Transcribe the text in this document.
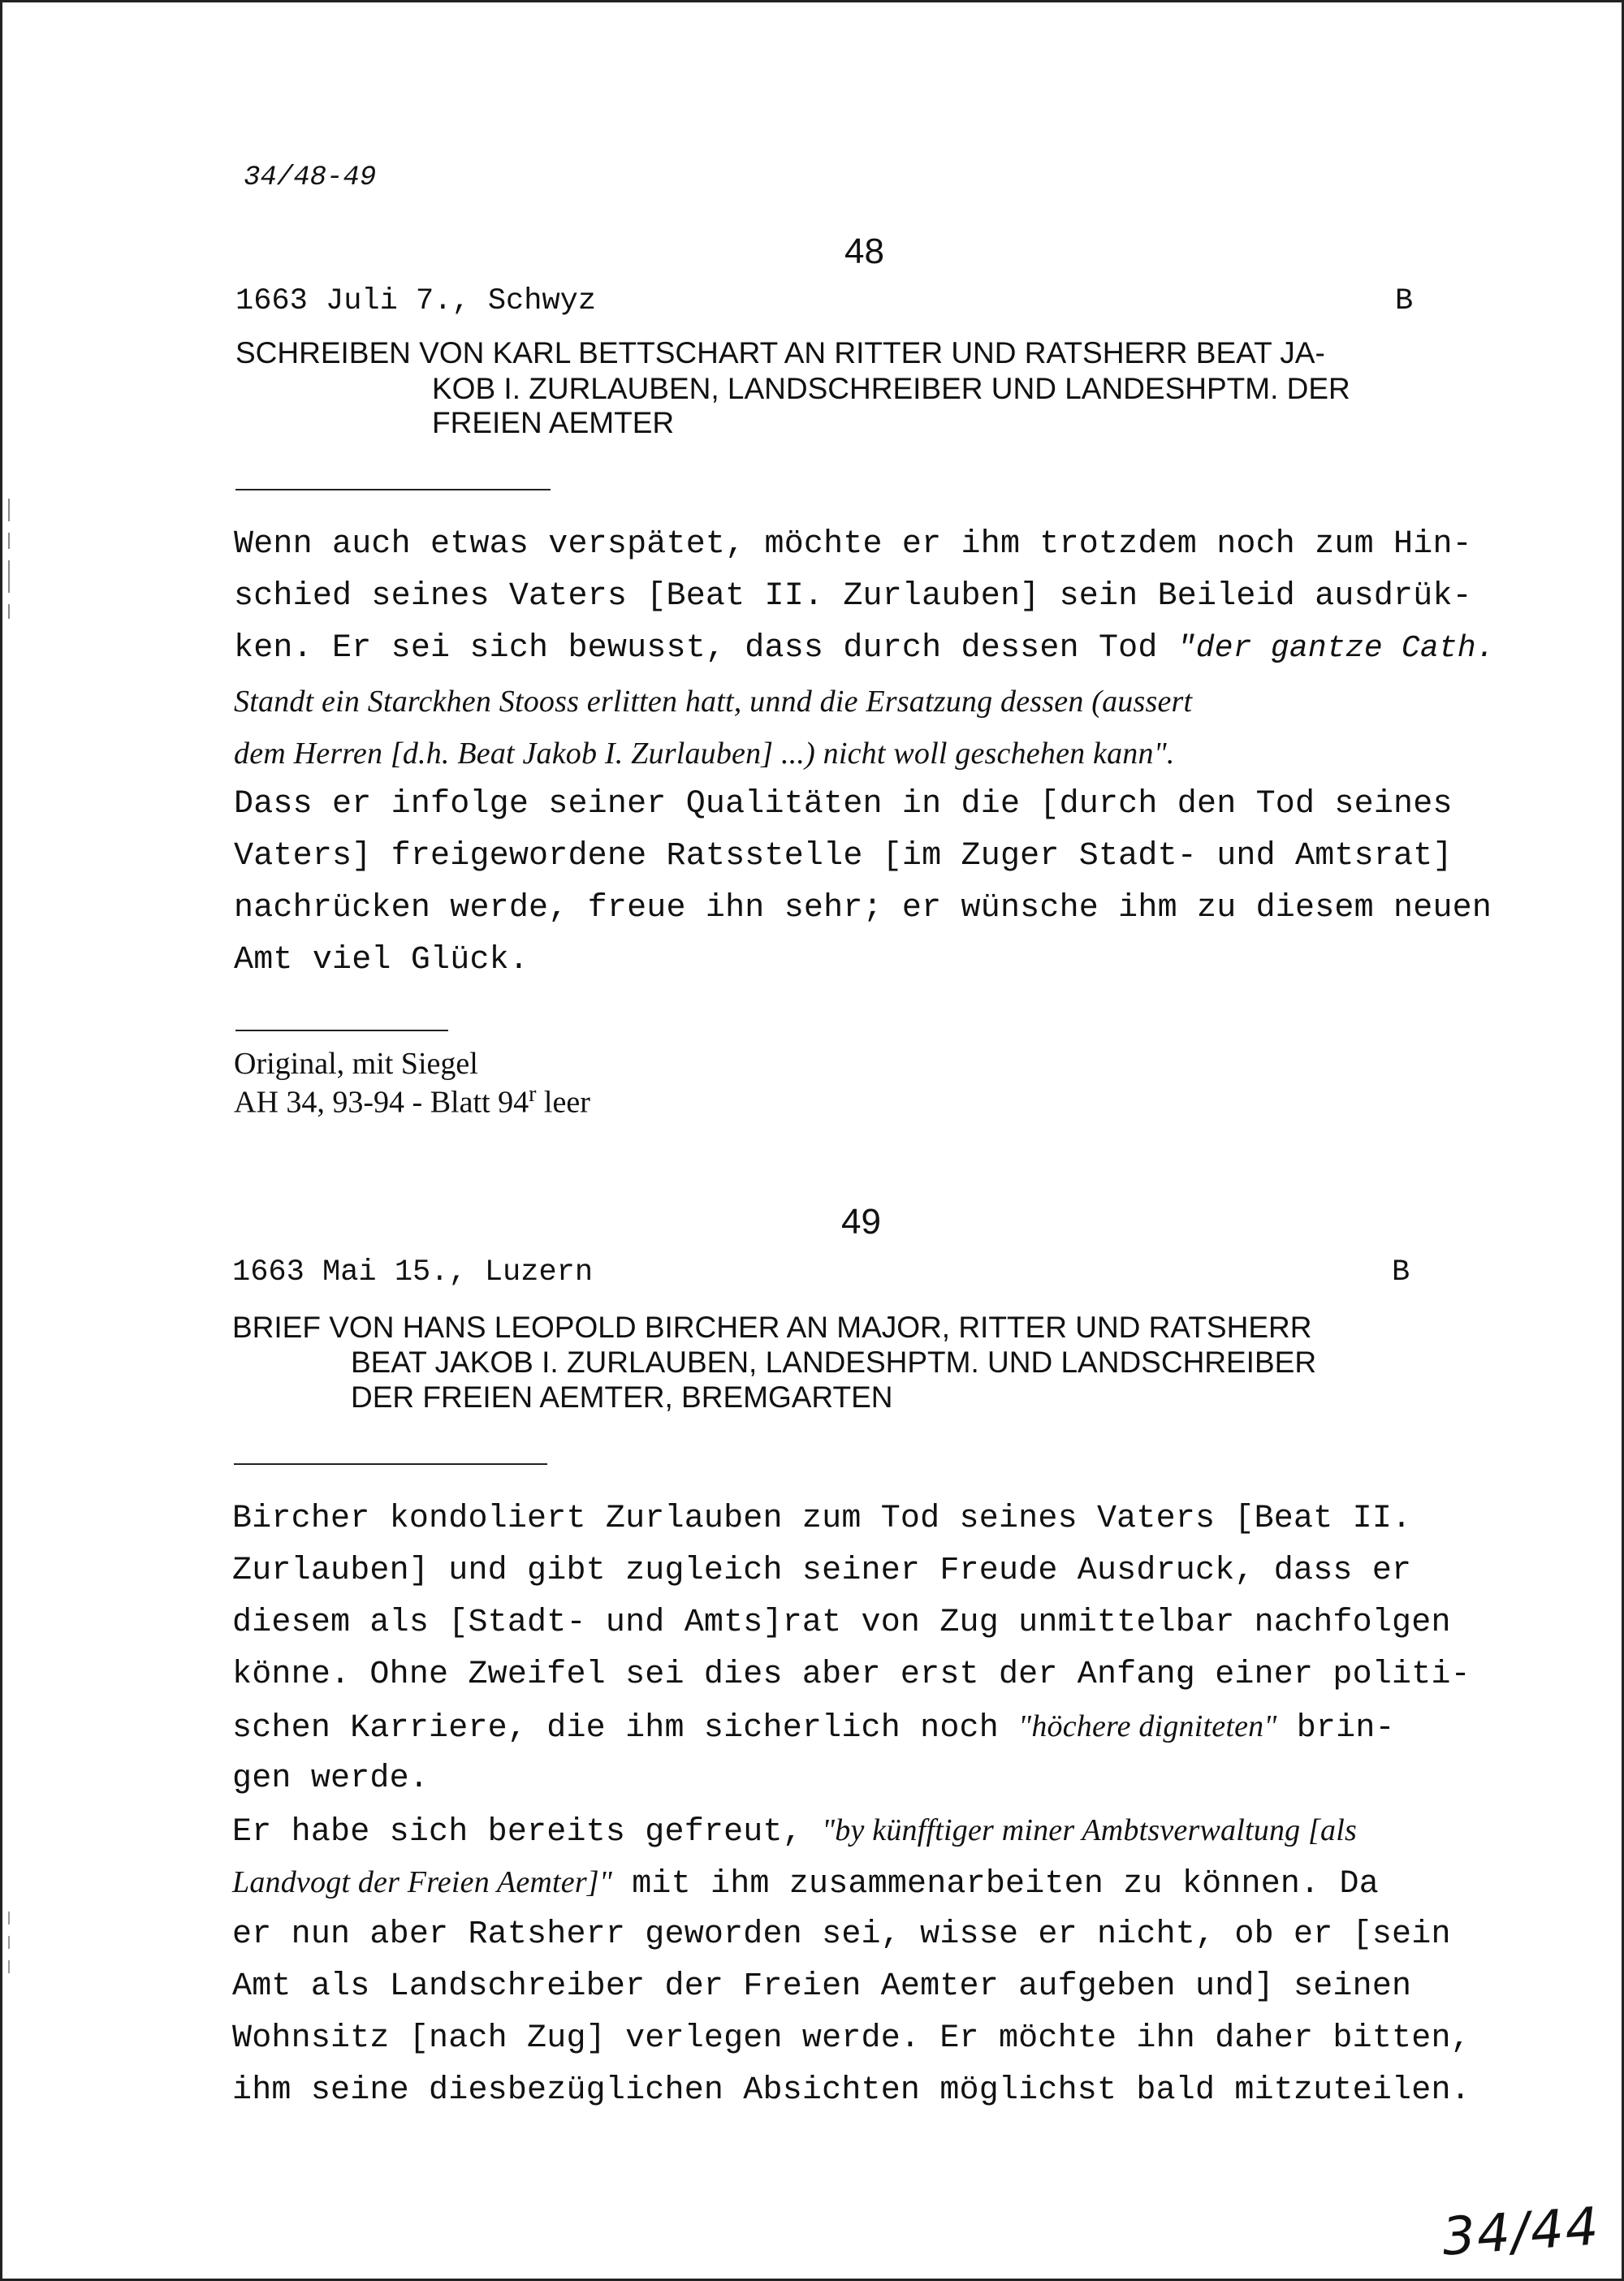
34/48-49
48
1663 Juli 7., Schwyz	B
SCHREIBEN VON KARL BETTSCHART AN RITTER UND RATSHERR BEAT JA-
KOB I. ZURLAUBEN, LANDSCHREIBER UND LANDESHPTM. DER
FREIEN AEMTER
Wenn auch etwas verspätet, möchte er ihm trotzdem noch zum Hin-
schied seines Vaters [Beat II. Zurlauben] sein Beileid ausdrük-
ken. Er sei sich bewusst, dass durch dessen Tod "der gantze Cath.
Standt ein Starckhen Stooss erlitten hatt, unnd die Ersatzung dessen (aussert
dem Herren [d.h. Beat Jakob I. Zurlauben] ...) nicht woll geschehen kann".
Dass er infolge seiner Qualitäten in die [durch den Tod seines
Vaters] freigewordene Ratsstelle [im Zuger Stadt- und Amtsrat]
nachrücken werde, freue ihn sehr; er wünsche ihm zu diesem neuen
Amt viel Glück.
Original, mit Siegel
AH 34, 93-94 - Blatt 94$^r$ leer
49
1663 Mai 15., Luzern	B
BRIEF VON HANS LEOPOLD BIRCHER AN MAJOR, RITTER UND RATSHERR
BEAT JAKOB I. ZURLAUBEN, LANDESHPTM. UND LANDSCHREIBER
DER FREIEN AEMTER, BREMGARTEN
Bircher kondoliert Zurlauben zum Tod seines Vaters [Beat II.
Zurlauben] und gibt zugleich seiner Freude Ausdruck, dass er
diesem als [Stadt- und Amts]rat von Zug unmittelbar nachfolgen
könne. Ohne Zweifel sei dies aber erst der Anfang einer politi-
schen Karriere, die ihm sicherlich noch "höchere digniteten" brin-
gen werde.
Er habe sich bereits gefreut, "by künfftiger miner Ambtsverwaltung [als
Landvogt der Freien Aemter]" mit ihm zusammenarbeiten zu können. Da
er nun aber Ratsherr geworden sei, wisse er nicht, ob er [sein
Amt als Landschreiber der Freien Aemter aufgeben und] seinen
Wohnsitz [nach Zug] verlegen werde. Er möchte ihn daher bitten,
ihm seine diesbezüglichen Absichten möglichst bald mitzuteilen.
34/44
